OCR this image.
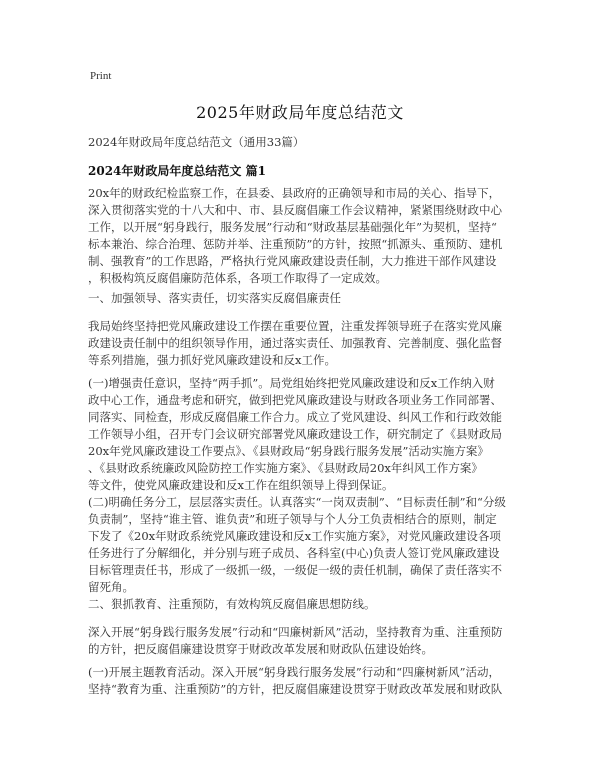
Print
2025年财政局年度总结范文
2024年财政局年度总结范文（通用33篇）
2024年财政局年度总结范文 篇1
20x年的财政纪检监察工作，在县委、县政府的正确领导和市局的关心、指导下，
深入贯彻落实党的十八大和中、市、县反腐倡廉工作会议精神，紧紧围绕财政中心
工作，以开展“躬身践行，服务发展”行动和“财政基层基础强化年”为契机，坚持“
标本兼治、综合治理、惩防并举、注重预防”的方针，按照“抓源头、重预防、建机
制、强教育”的工作思路，严格执行党风廉政建设责任制，大力推进干部作风建设
，积极构筑反腐倡廉防范体系，各项工作取得了一定成效。
一、加强领导、落实责任，切实落实反腐倡廉责任
我局始终坚持把党风廉政建设工作摆在重要位置，注重发挥领导班子在落实党风廉
政建设责任制中的组织领导作用，通过落实责任、加强教育、完善制度、强化监督
等系列措施，强力抓好党风廉政建设和反x工作。
(一)增强责任意识，坚持“两手抓”。局党组始终把党风廉政建设和反x工作纳入财
政中心工作，通盘考虑和研究，做到把党风廉政建设与财政各项业务工作同部署、
同落实、同检查，形成反腐倡廉工作合力。成立了党风建设、纠风工作和行政效能
工作领导小组，召开专门会议研究部署党风廉政建设工作，研究制定了《县财政局
20x年党风廉政建设工作要点》、《县财政局“躬身践行服务发展”活动实施方案》
、《县财政系统廉政风险防控工作实施方案》、《县财政局20x年纠风工作方案》
等文件，使党风廉政建设和反x工作在组织领导上得到保证。
(二)明确任务分工，层层落实责任。认真落实“一岗双责制”、“目标责任制”和“分级
负责制”，坚持“谁主管、谁负责”和班子领导与个人分工负责相结合的原则，制定
下发了《20x年财政系统党风廉政建设和反x工作实施方案》，对党风廉政建设各项
任务进行了分解细化，并分别与班子成员、各科室(中心)负责人签订党风廉政建设
目标管理责任书，形成了一级抓一级，一级促一级的责任机制，确保了责任落实不
留死角。
二、狠抓教育、注重预防，有效构筑反腐倡廉思想防线。
深入开展“躬身践行服务发展”行动和“四廉树新风”活动，坚持教育为重、注重预防
的方针，把反腐倡廉建设贯穿于财政改革发展和财政队伍建设始终。
(一)开展主题教育活动。深入开展“躬身践行服务发展”行动和“四廉树新风”活动，
坚持“教育为重、注重预防”的方针，把反腐倡廉建设贯穿于财政改革发展和财政队
